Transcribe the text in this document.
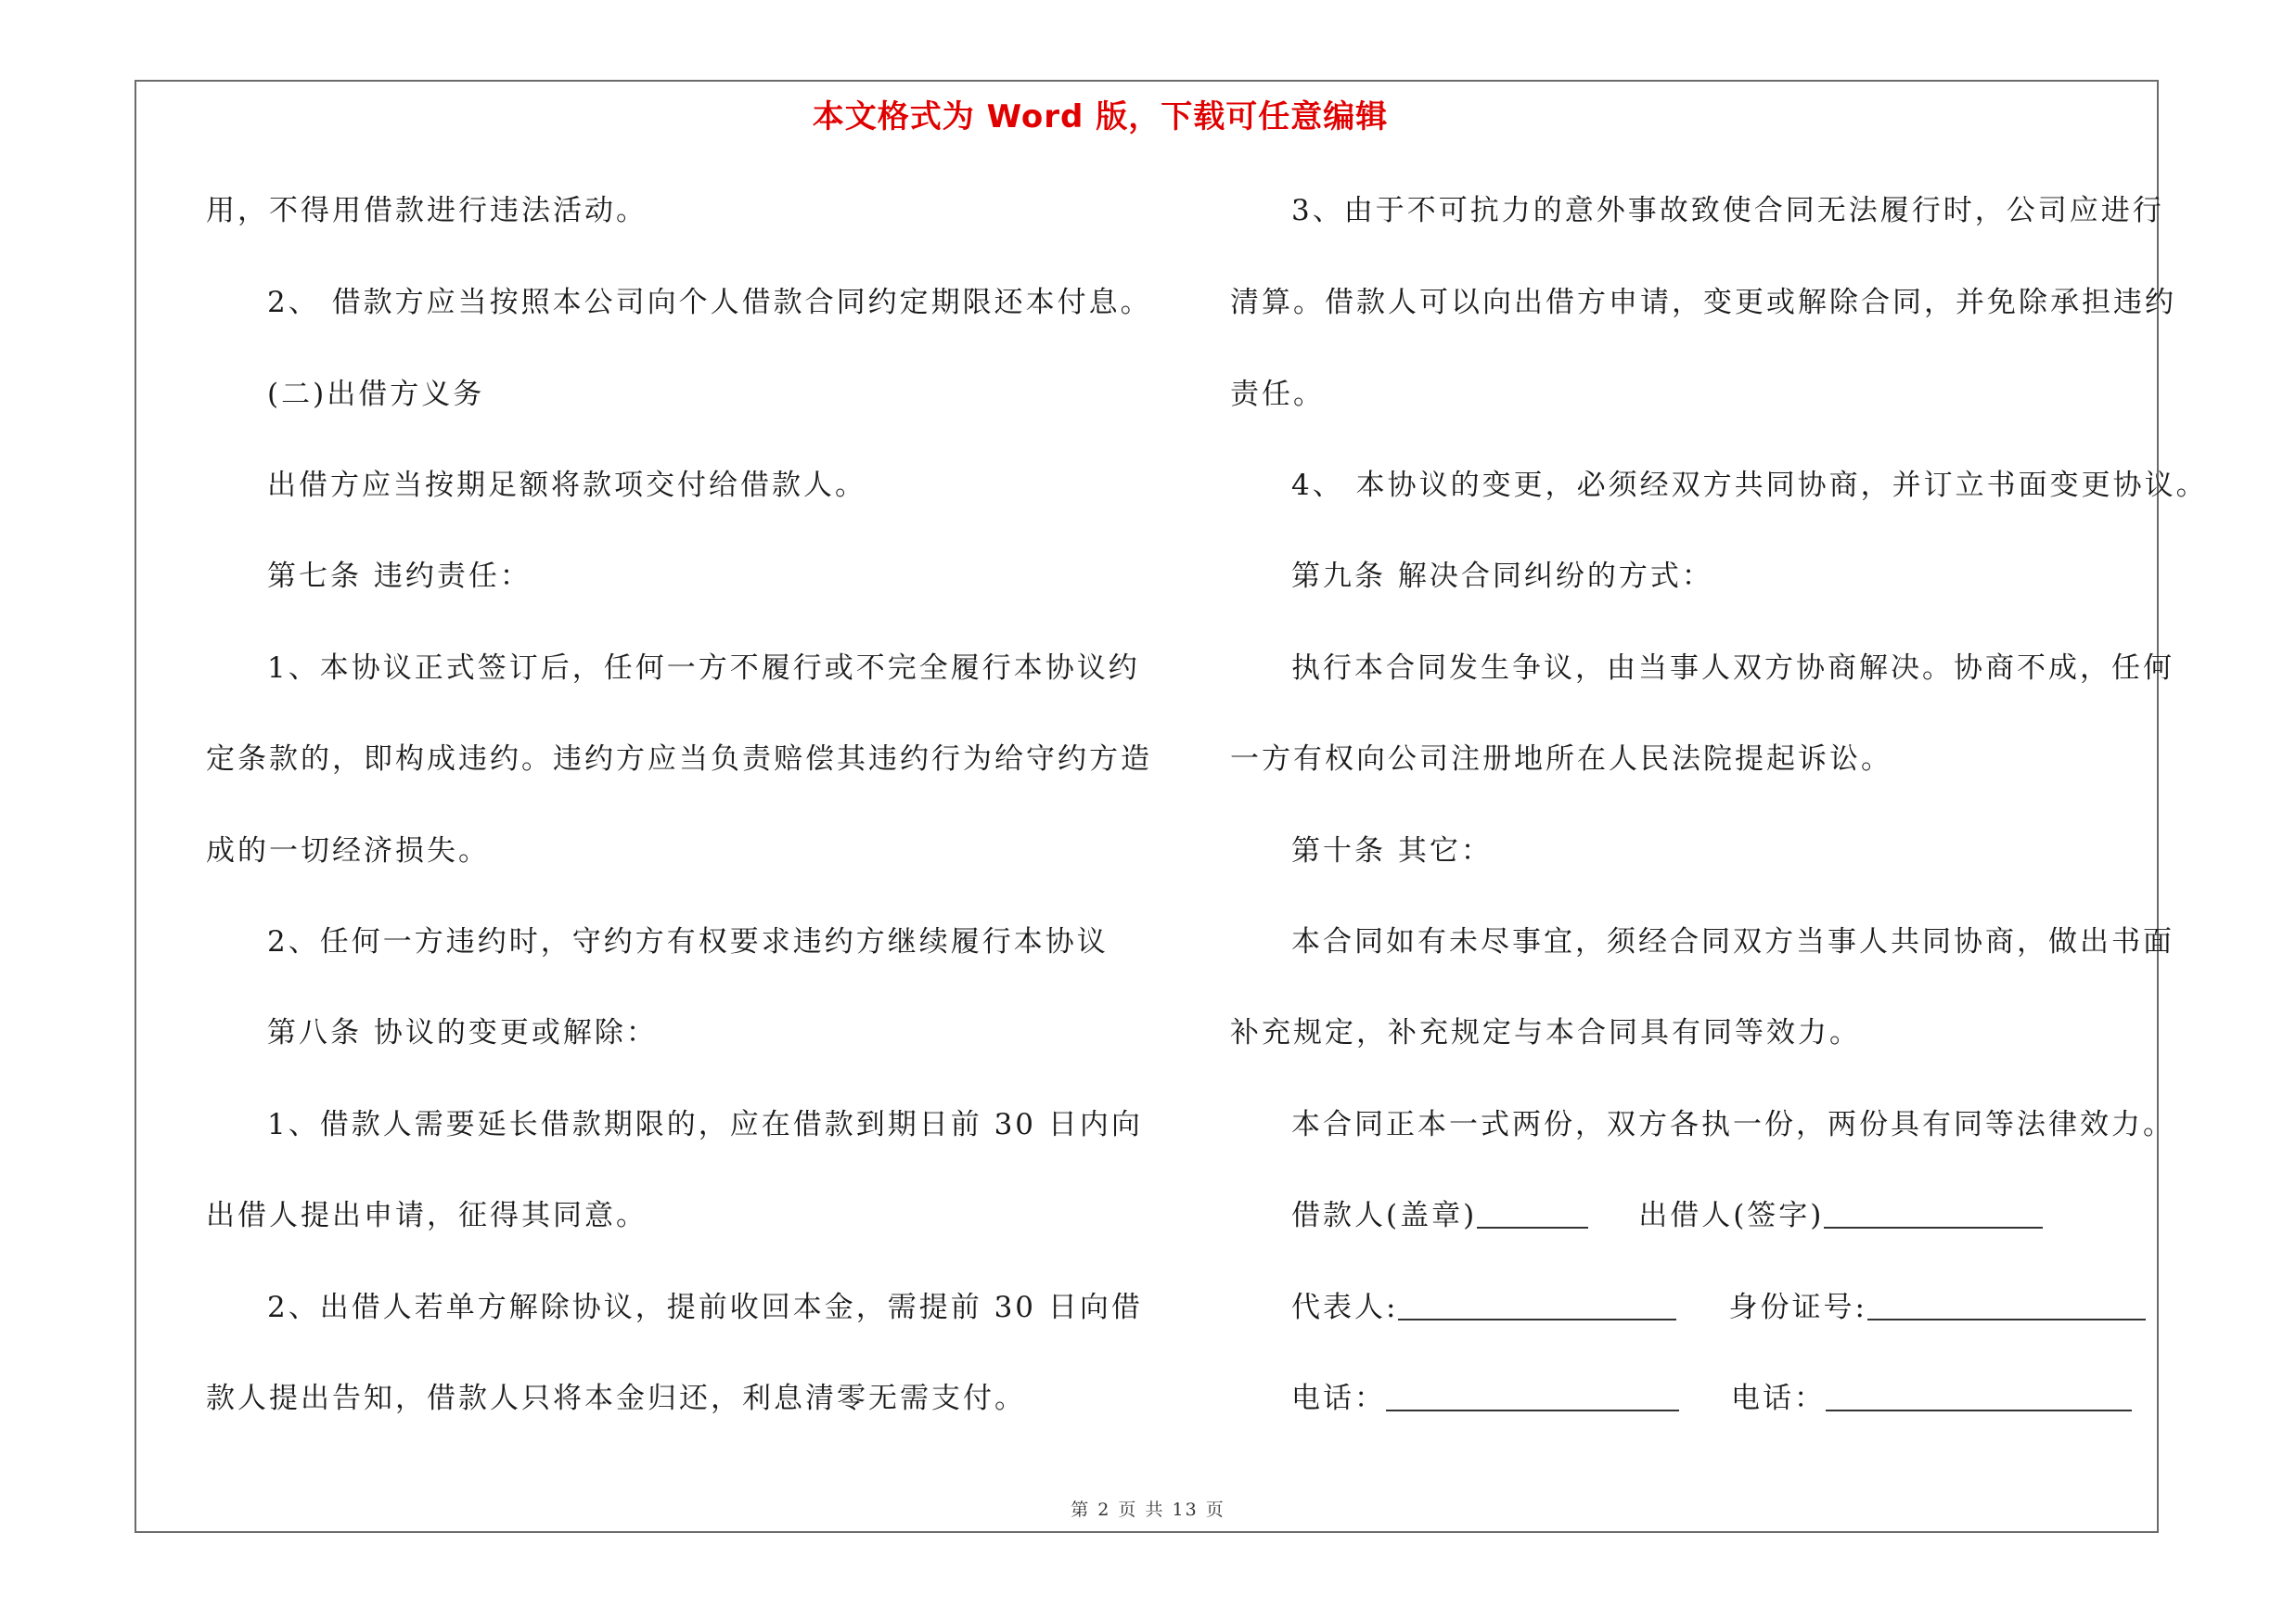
本文格式为 Word 版，下载可任意编辑
用，不得用借款进行违法活动。
2、 借款方应当按照本公司向个人借款合同约定期限还本付息。
(二)出借方义务
出借方应当按期足额将款项交付给借款人。
第七条 违约责任：
1、本协议正式签订后，任何一方不履行或不完全履行本协议约
定条款的，即构成违约。违约方应当负责赔偿其违约行为给守约方造
成的一切经济损失。
2、任何一方违约时，守约方有权要求违约方继续履行本协议
第八条 协议的变更或解除：
1、借款人需要延长借款期限的，应在借款到期日前 30 日内向
出借人提出申请，征得其同意。
2、出借人若单方解除协议，提前收回本金，需提前 30 日向借
款人提出告知，借款人只将本金归还，利息清零无需支付。
3、由于不可抗力的意外事故致使合同无法履行时，公司应进行
清算。借款人可以向出借方申请，变更或解除合同，并免除承担违约
责任。
4、 本协议的变更，必须经双方共同协商，并订立书面变更协议。
第九条 解决合同纠纷的方式：
执行本合同发生争议，由当事人双方协商解决。协商不成，任何
一方有权向公司注册地所在人民法院提起诉讼。
第十条 其它：
本合同如有未尽事宜，须经合同双方当事人共同协商，做出书面
补充规定，补充规定与本合同具有同等效力。
本合同正本一式两份，双方各执一份，两份具有同等法律效力。
借款人(盖章)	出借人(签字)
代表人:	身份证号:
电话：	电话：
第 2 页 共 13 页
